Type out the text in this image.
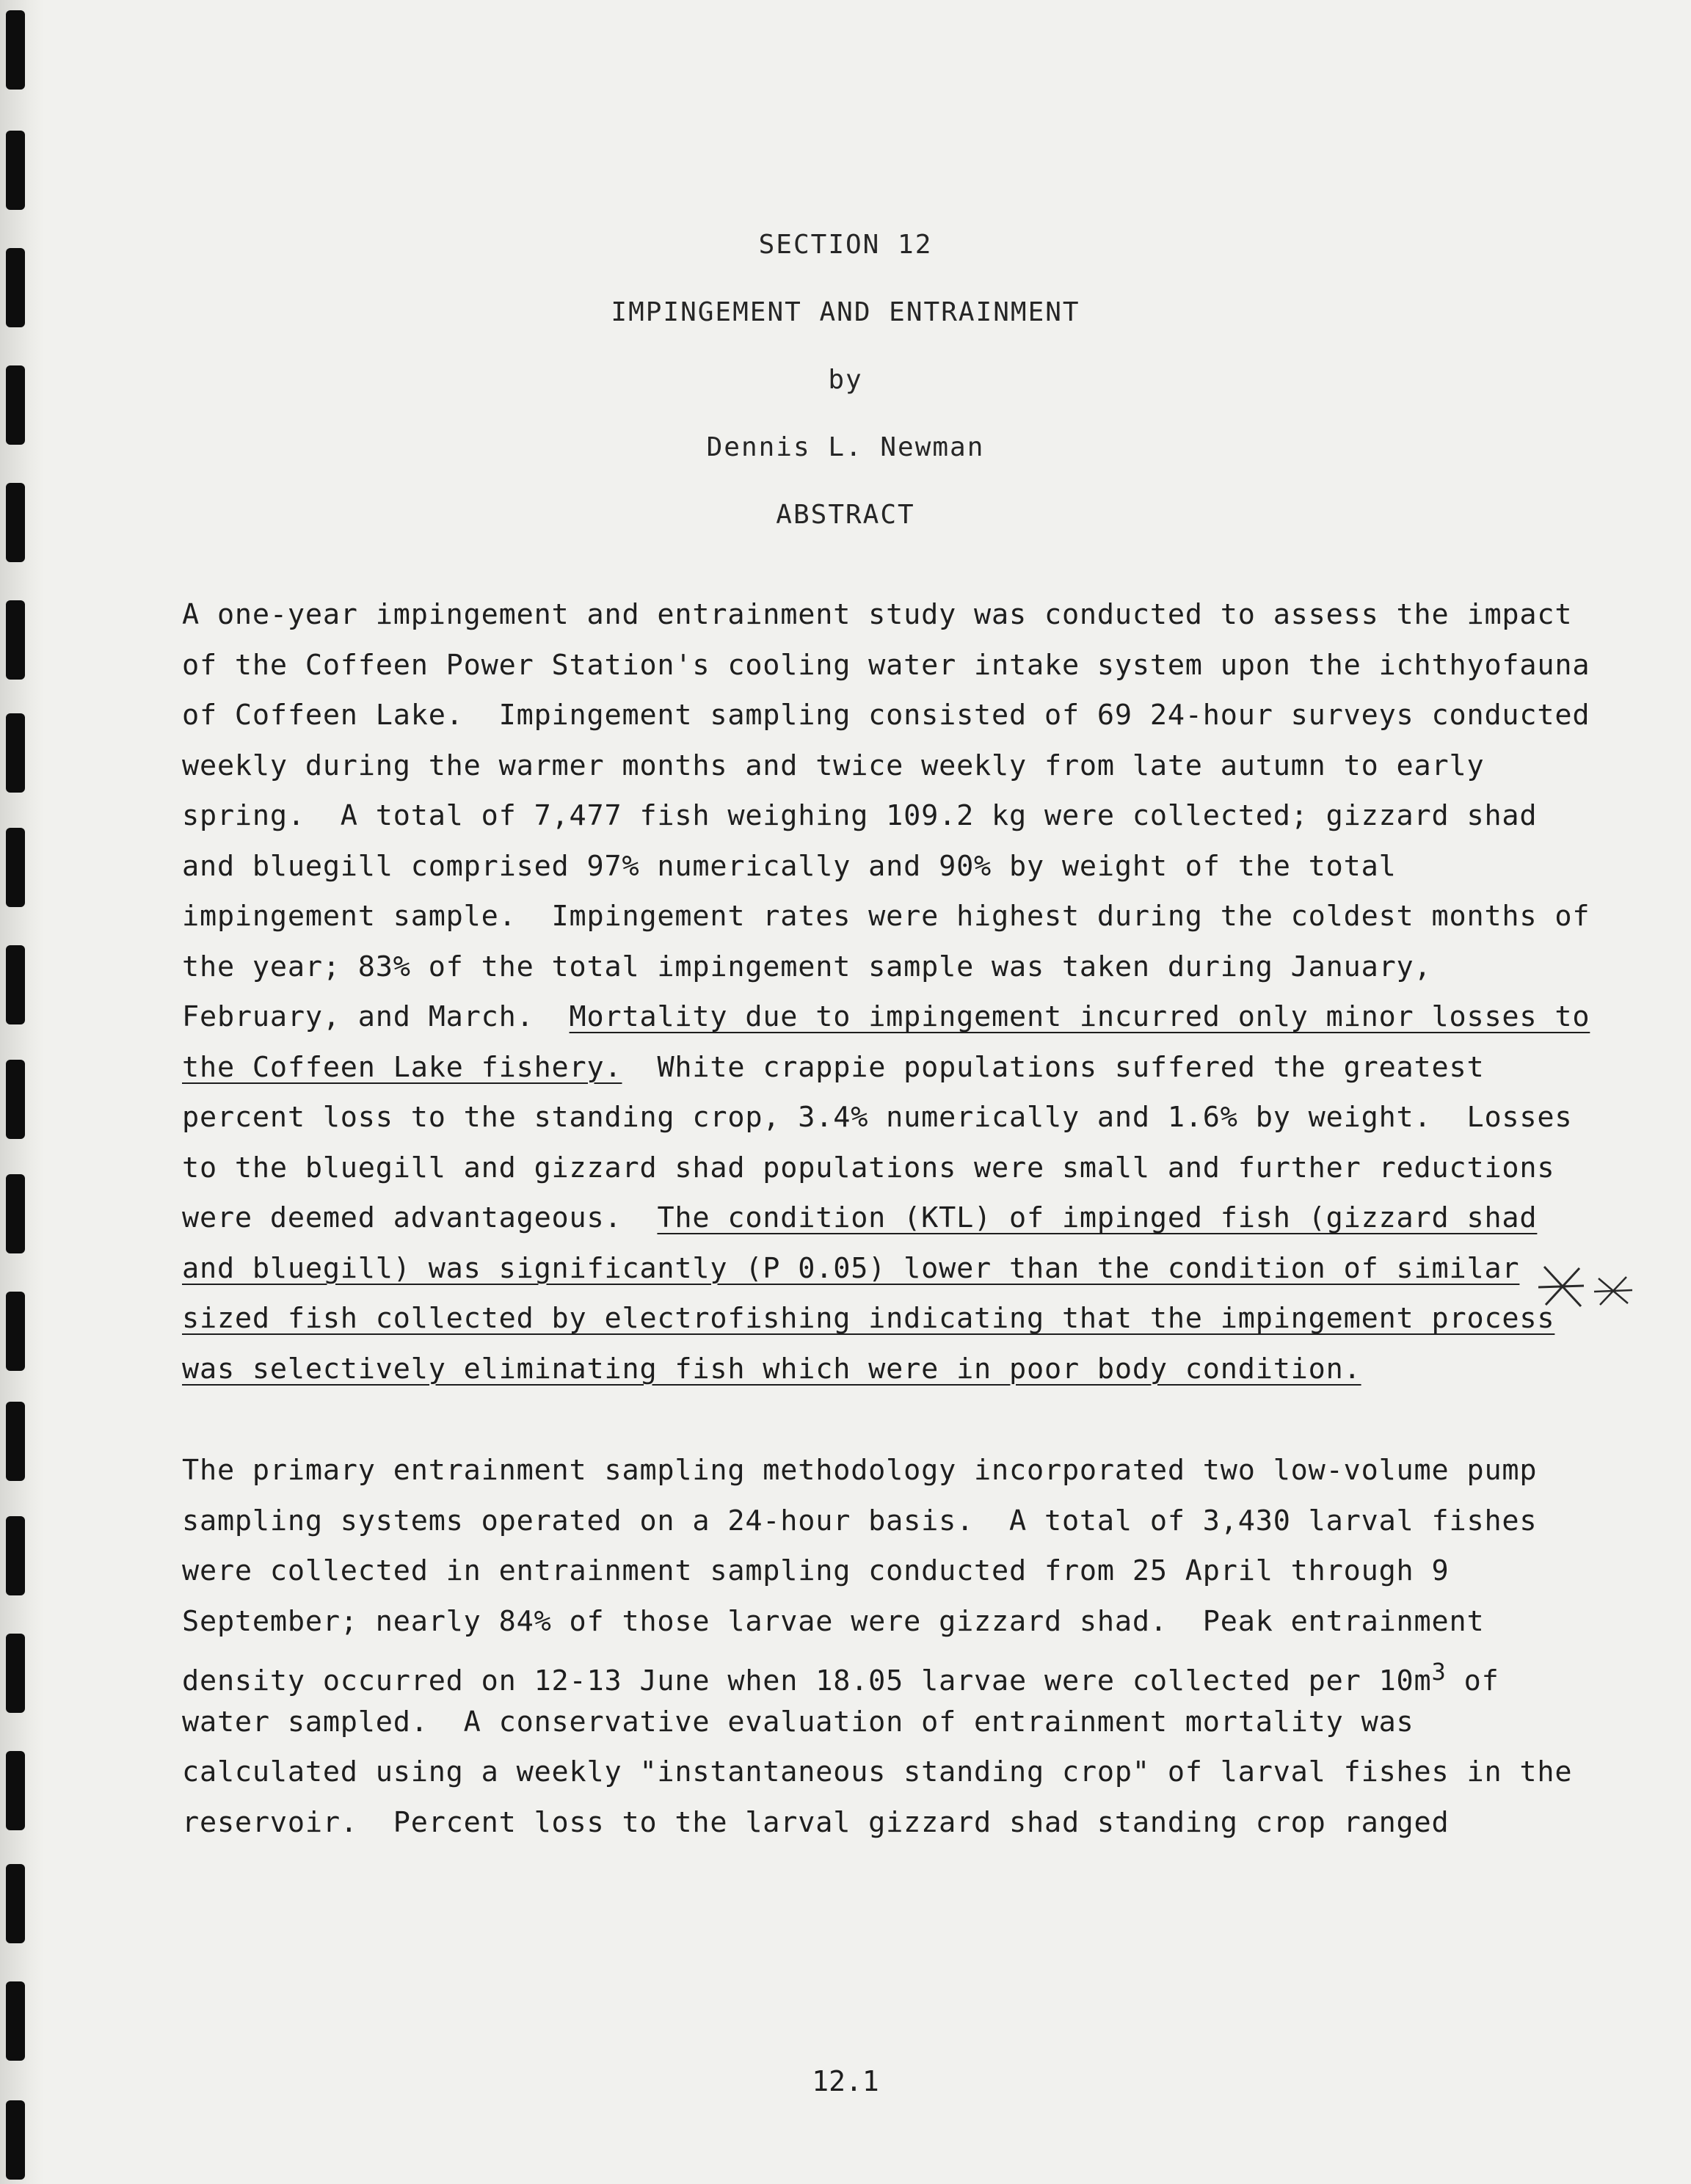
SECTION 12
IMPINGEMENT AND ENTRAINMENT
by
Dennis L. Newman
ABSTRACT
A one-year impingement and entrainment study was conducted to assess the impact
of the Coffeen Power Station's cooling water intake system upon the ichthyofauna
of Coffeen Lake.  Impingement sampling consisted of 69 24-hour surveys conducted
weekly during the warmer months and twice weekly from late autumn to early
spring.  A total of 7,477 fish weighing 109.2 kg were collected; gizzard shad
and bluegill comprised 97% numerically and 90% by weight of the total
impingement sample.  Impingement rates were highest during the coldest months of
the year; 83% of the total impingement sample was taken during January,
February, and March.  Mortality due to impingement incurred only minor losses to
the Coffeen Lake fishery.  White crappie populations suffered the greatest
percent loss to the standing crop, 3.4% numerically and 1.6% by weight.  Losses
to the bluegill and gizzard shad populations were small and further reductions
were deemed advantageous.  The condition (KTL) of impinged fish (gizzard shad
and bluegill) was significantly (P 0.05) lower than the condition of similar
sized fish collected by electrofishing indicating that the impingement process
was selectively eliminating fish which were in poor body condition.
The primary entrainment sampling methodology incorporated two low-volume pump
sampling systems operated on a 24-hour basis.  A total of 3,430 larval fishes
were collected in entrainment sampling conducted from 25 April through 9
September; nearly 84% of those larvae were gizzard shad.  Peak entrainment
density occurred on 12-13 June when 18.05 larvae were collected per $10m^3$ of
water sampled.  A conservative evaluation of entrainment mortality was
calculated using a weekly "instantaneous standing crop" of larval fishes in the
reservoir.  Percent loss to the larval gizzard shad standing crop ranged
12.1
